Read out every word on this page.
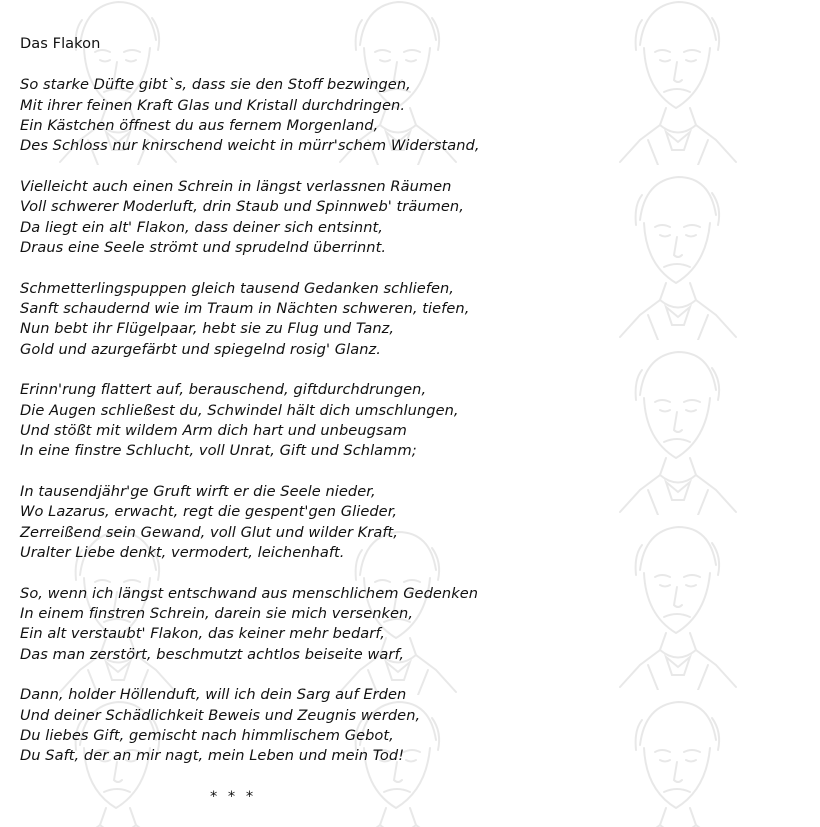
Das Flakon
So starke Düfte gibt`s, dass sie den Stoff bezwingen,
Mit ihrer feinen Kraft Glas und Kristall durchdringen.
Ein Kästchen öffnest du aus fernem Morgenland,
Des Schloss nur knirschend weicht in mürr'schem Widerstand,
Vielleicht auch einen Schrein in längst verlassnen Räumen
Voll schwerer Moderluft, drin Staub und Spinnweb' träumen,
Da liegt ein alt' Flakon, dass deiner sich entsinnt,
Draus eine Seele strömt und sprudelnd überrinnt.
Schmetterlingspuppen gleich tausend Gedanken schliefen,
Sanft schaudernd wie im Traum in Nächten schweren, tiefen,
Nun bebt ihr Flügelpaar, hebt sie zu Flug und Tanz,
Gold und azurgefärbt und spiegelnd rosig' Glanz.
Erinn'rung flattert auf, berauschend, giftdurchdrungen,
Die Augen schließest du, Schwindel hält dich umschlungen,
Und stößt mit wildem Arm dich hart und unbeugsam
In eine finstre Schlucht, voll Unrat, Gift und Schlamm;
In tausendjähr'ge Gruft wirft er die Seele nieder,
Wo Lazarus, erwacht, regt die gespent'gen Glieder,
Zerreißend sein Gewand, voll Glut und wilder Kraft,
Uralter Liebe denkt, vermodert, leichenhaft.
So, wenn ich längst entschwand aus menschlichem Gedenken
In einem finstren Schrein, darein sie mich versenken,
Ein alt verstaubt' Flakon, das keiner mehr bedarf,
Das man zerstört, beschmutzt achtlos beiseite warf,
Dann, holder Höllenduft, will ich dein Sarg auf Erden
Und deiner Schädlichkeit Beweis und Zeugnis werden,
Du liebes Gift, gemischt nach himmlischem Gebot,
Du Saft, der an mir nagt, mein Leben und mein Tod!
* * *
